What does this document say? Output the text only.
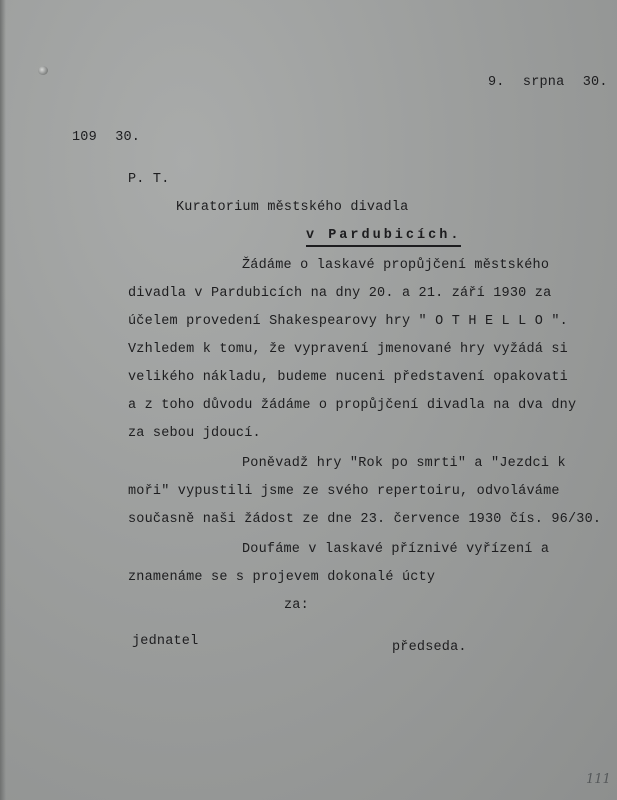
9. srpna 30.
109 30.
P. T.
Kuratorium městského divadla
v Pardubicích.
Žádáme o laskavé propůjčení městského
divadla v Pardubicích na dny 20. a 21. září 1930 za
účelem provedení Shakespearovy hry " O T H E L L O ".
Vzhledem k tomu, že vypravení jmenované hry vyžádá si
velikého nákladu, budeme nuceni představení opakovati
a z toho důvodu žádáme o propůjčení divadla na dva dny
za sebou jdoucí.
Poněvadž hry "Rok po smrti" a "Jezdci k
moři" vypustili jsme ze svého repertoiru, odvoláváme
současně naši žádost ze dne 23. července 1930 čís. 96/30.
Doufáme v laskavé příznivé vyřízení a
znamenáme se s projevem dokonalé úcty
za:
jednatel	předseda.
111
